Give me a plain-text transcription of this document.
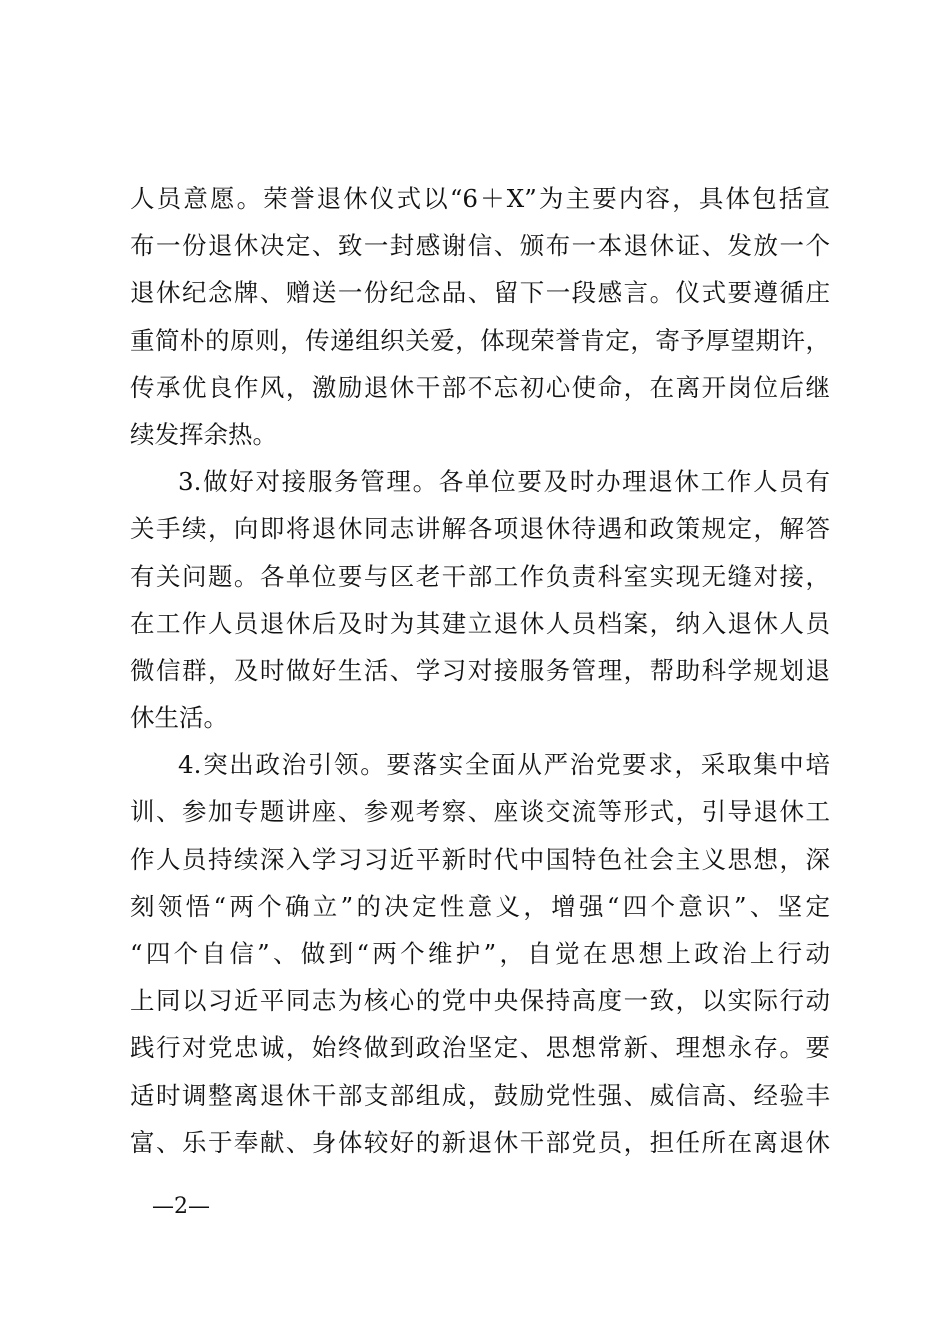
人员意愿。荣誉退休仪式以“6＋X”为主要内容，具体包括宣
布一份退休决定、致一封感谢信、颁布一本退休证、发放一个
退休纪念牌、赠送一份纪念品、留下一段感言。仪式要遵循庄
重简朴的原则，传递组织关爱，体现荣誉肯定，寄予厚望期许，
传承优良作风，激励退休干部不忘初心使命，在离开岗位后继
续发挥余热。
3.做好对接服务管理。各单位要及时办理退休工作人员有
关手续，向即将退休同志讲解各项退休待遇和政策规定，解答
有关问题。各单位要与区老干部工作负责科室实现无缝对接，
在工作人员退休后及时为其建立退休人员档案，纳入退休人员
微信群，及时做好生活、学习对接服务管理，帮助科学规划退
休生活。
4.突出政治引领。要落实全面从严治党要求，采取集中培
训、参加专题讲座、参观考察、座谈交流等形式，引导退休工
作人员持续深入学习习近平新时代中国特色社会主义思想，深
刻领悟“两个确立”的决定性意义，增强“四个意识”、坚定
“四个自信”、做到“两个维护”，自觉在思想上政治上行动
上同以习近平同志为核心的党中央保持高度一致，以实际行动
践行对党忠诚，始终做到政治坚定、思想常新、理想永存。要
适时调整离退休干部支部组成，鼓励党性强、威信高、经验丰
富、乐于奉献、身体较好的新退休干部党员，担任所在离退休
—2—
